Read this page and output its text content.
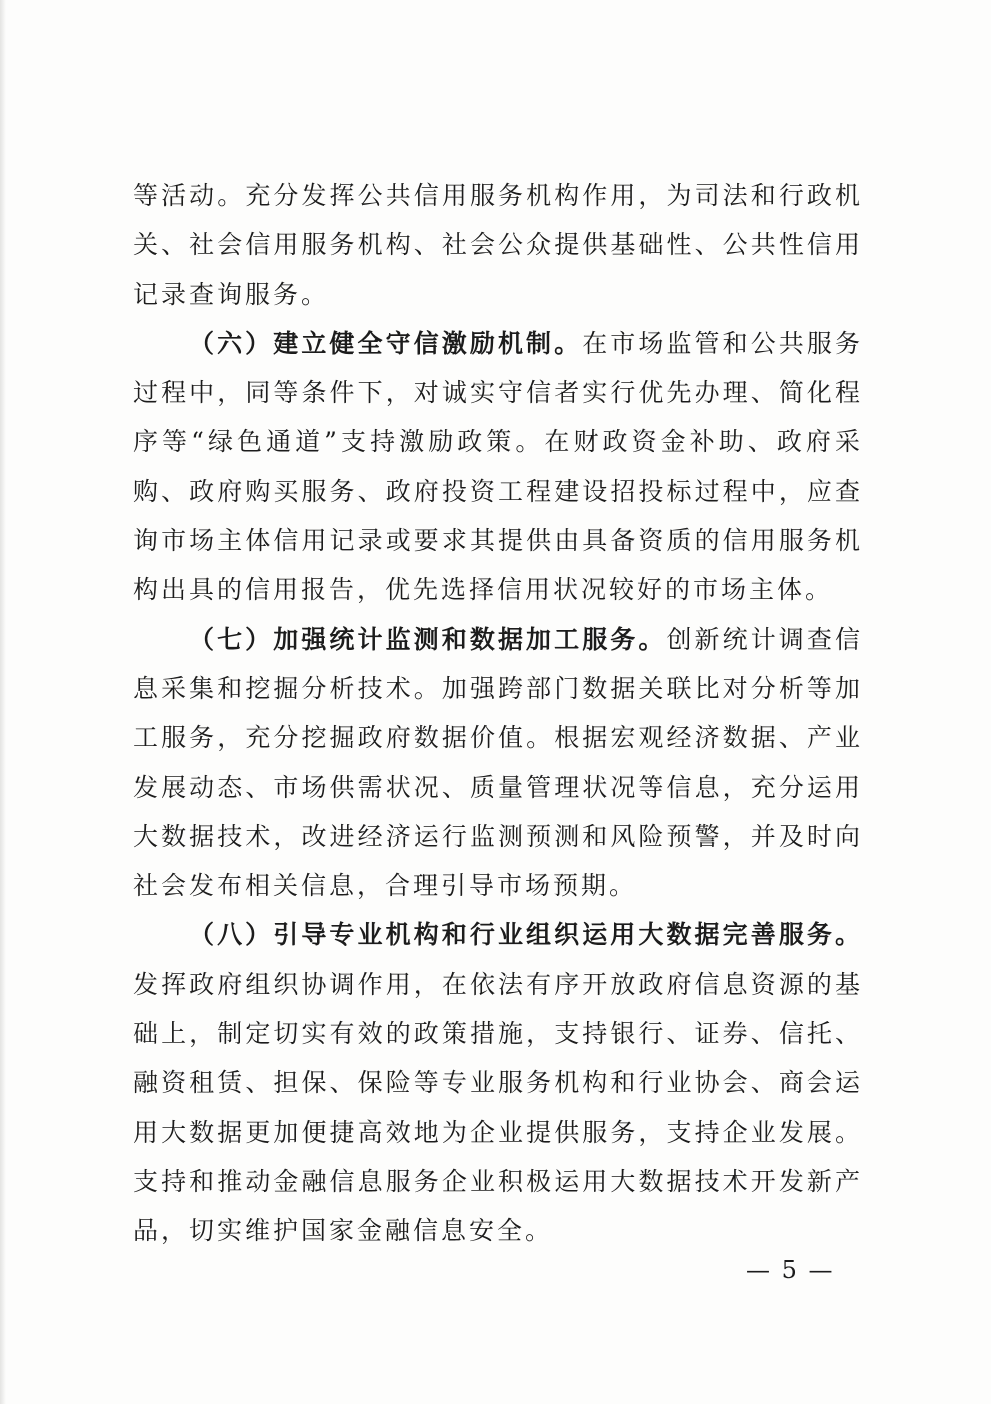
等活动。充分发挥公共信用服务机构作用，为司法和行政机关、社会信用服务机构、社会公众提供基础性、公共性信用记录查询服务。

（六）建立健全守信激励机制。在市场监管和公共服务过程中，同等条件下，对诚实守信者实行优先办理、简化程序等“绿色通道”支持激励政策。在财政资金补助、政府采购、政府购买服务、政府投资工程建设招投标过程中，应查询市场主体信用记录或要求其提供由具备资质的信用服务机构出具的信用报告，优先选择信用状况较好的市场主体。

（七）加强统计监测和数据加工服务。创新统计调查信息采集和挖掘分析技术。加强跨部门数据关联比对分析等加工服务，充分挖掘政府数据价值。根据宏观经济数据、产业发展动态、市场供需状况、质量管理状况等信息，充分运用大数据技术，改进经济运行监测预测和风险预警，并及时向社会发布相关信息，合理引导市场预期。

（八）引导专业机构和行业组织运用大数据完善服务。发挥政府组织协调作用，在依法有序开放政府信息资源的基础上，制定切实有效的政策措施，支持银行、证券、信托、融资租赁、担保、保险等专业服务机构和行业协会、商会运用大数据更加便捷高效地为企业提供服务，支持企业发展。支持和推动金融信息服务企业积极运用大数据技术开发新产品，切实维护国家金融信息安全。

— 5 —
